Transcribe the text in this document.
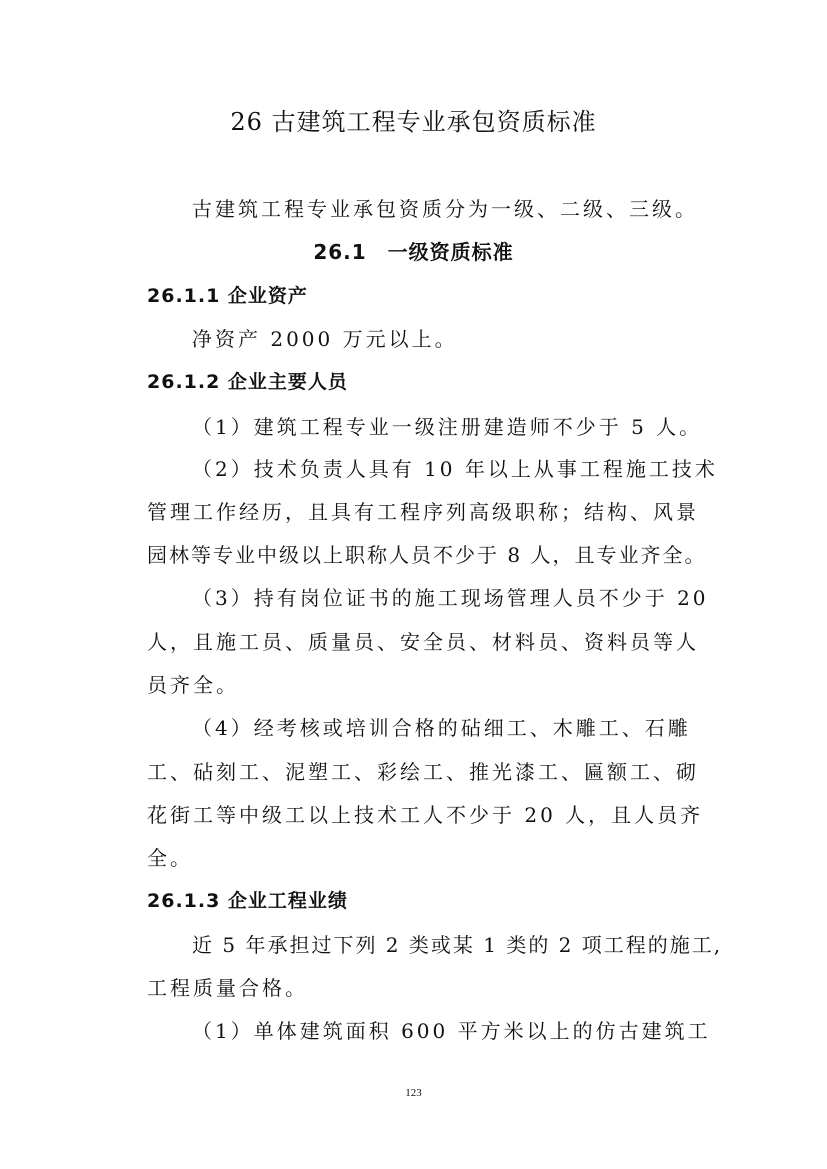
26 古建筑工程专业承包资质标准
古建筑工程专业承包资质分为一级、二级、三级。
26.1　一级资质标准
26.1.1 企业资产
净资产 2000 万元以上。
26.1.2 企业主要人员
（1）建筑工程专业一级注册建造师不少于 5 人。
（2）技术负责人具有 10 年以上从事工程施工技术
管理工作经历，且具有工程序列高级职称；结构、风景
园林等专业中级以上职称人员不少于 8 人，且专业齐全。
（3）持有岗位证书的施工现场管理人员不少于 20
人，且施工员、质量员、安全员、材料员、资料员等人
员齐全。
（4）经考核或培训合格的砧细工、木雕工、石雕
工、砧刻工、泥塑工、彩绘工、推光漆工、匾额工、砌
花街工等中级工以上技术工人不少于 20 人，且人员齐
全。
26.1.3 企业工程业绩
近 5 年承担过下列 2 类或某 1 类的 2 项工程的施工,
工程质量合格。
（1）单体建筑面积 600 平方米以上的仿古建筑工
123
